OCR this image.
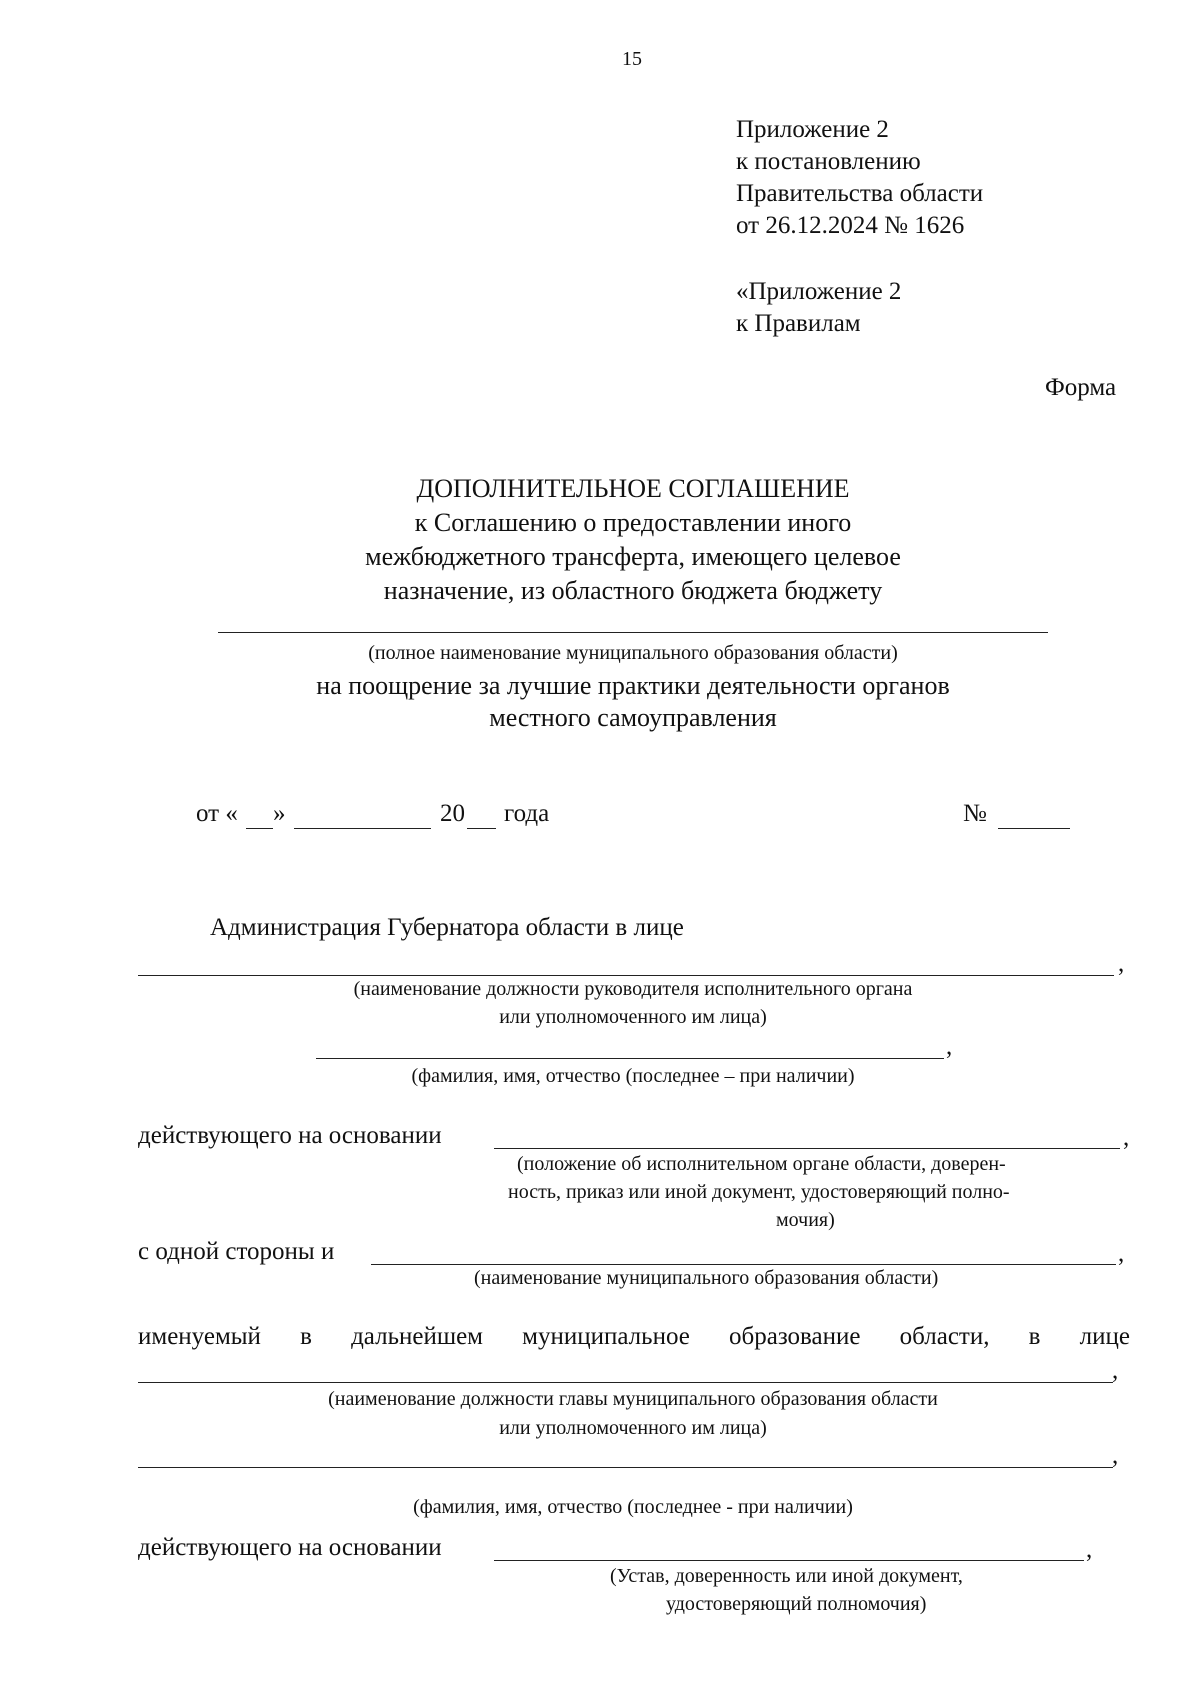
15
Приложение 2
к постановлению
Правительства области
от 26.12.2024 № 1626
«Приложение 2
к Правилам
Форма
ДОПОЛНИТЕЛЬНОЕ СОГЛАШЕНИЕ
к Соглашению о предоставлении иного
межбюджетного трансферта, имеющего целевое
назначение, из областного бюджета бюджету
(полное наименование муниципального образования области)
на поощрение за лучшие практики деятельности органов
местного самоуправления
от « »	20 года	№
Администрация Губернатора области в лице
,
(наименование должности руководителя исполнительного органа
или уполномоченного им лица)
,
(фамилия, имя, отчество (последнее – при наличии)
действующего на основании	,
(положение об исполнительном органе области, доверен-
ность, приказ или иной документ, удостоверяющий полно-
мочия)
с одной стороны и	,
(наименование муниципального образования области)
именуемый в дальнейшем муниципальное образование области, в лице
,
(наименование должности главы муниципального образования области
или уполномоченного им лица)
,
(фамилия, имя, отчество (последнее - при наличии)
действующего на основании	,
(Устав, доверенность или иной документ,
удостоверяющий полномочия)
